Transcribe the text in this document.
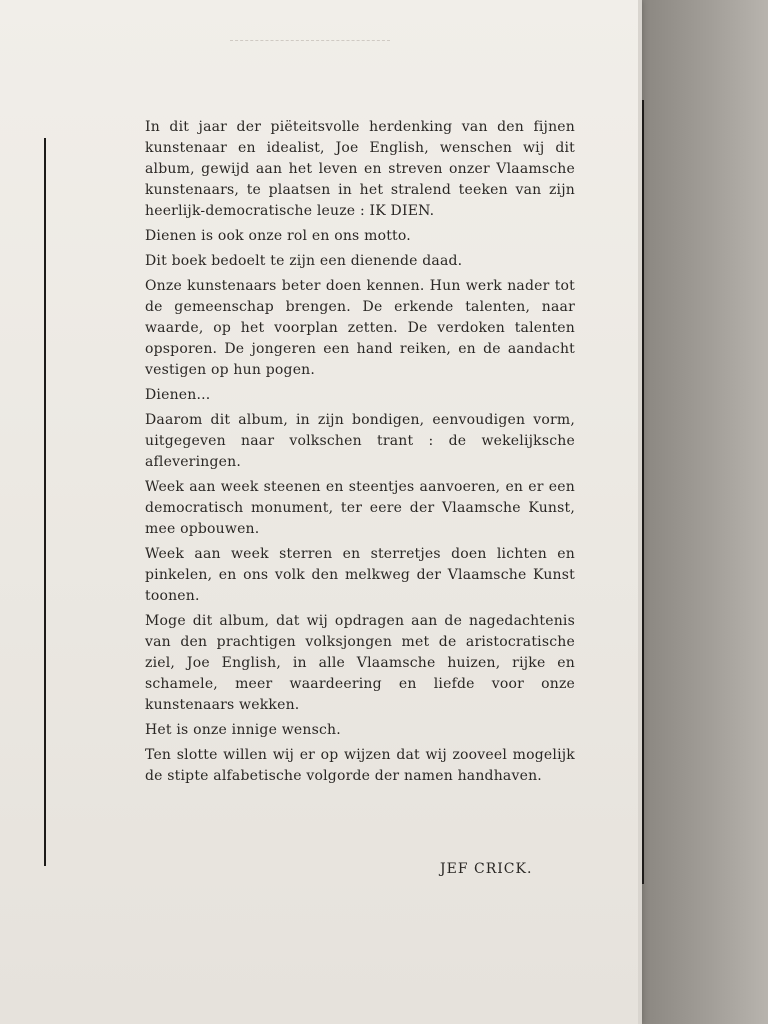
In dit jaar der piëteitsvolle herdenking van den fijnen kunstenaar en idealist, Joe English, wenschen wij dit album, gewijd aan het leven en streven onzer Vlaamsche kunstenaars, te plaatsen in het stralend teeken van zijn heerlijk-democratische leuze : IK DIEN.

Dienen is ook onze rol en ons motto.

Dit boek bedoelt te zijn een dienende daad.

Onze kunstenaars beter doen kennen. Hun werk nader tot de gemeenschap brengen. De erkende talenten, naar waarde, op het voorplan zetten. De verdoken talenten opsporen. De jongeren een hand reiken, en de aandacht vestigen op hun pogen.

Dienen...

Daarom dit album, in zijn bondigen, eenvoudigen vorm, uitgegeven naar volkschen trant : de wekelijksche afleveringen.

Week aan week steenen en steentjes aanvoeren, en er een democratisch monument, ter eere der Vlaamsche Kunst, mee opbouwen.

Week aan week sterren en sterretjes doen lichten en pinkelen, en ons volk den melkweg der Vlaamsche Kunst toonen.

Moge dit album, dat wij opdragen aan de nagedachtenis van den prachtigen volksjongen met de aristocratische ziel, Joe English, in alle Vlaamsche huizen, rijke en schamele, meer waardeering en liefde voor onze kunstenaars wekken.

Het is onze innige wensch.

Ten slotte willen wij er op wijzen dat wij zooveel mogelijk de stipte alfabetische volgorde der namen handhaven.

JEF CRICK.
